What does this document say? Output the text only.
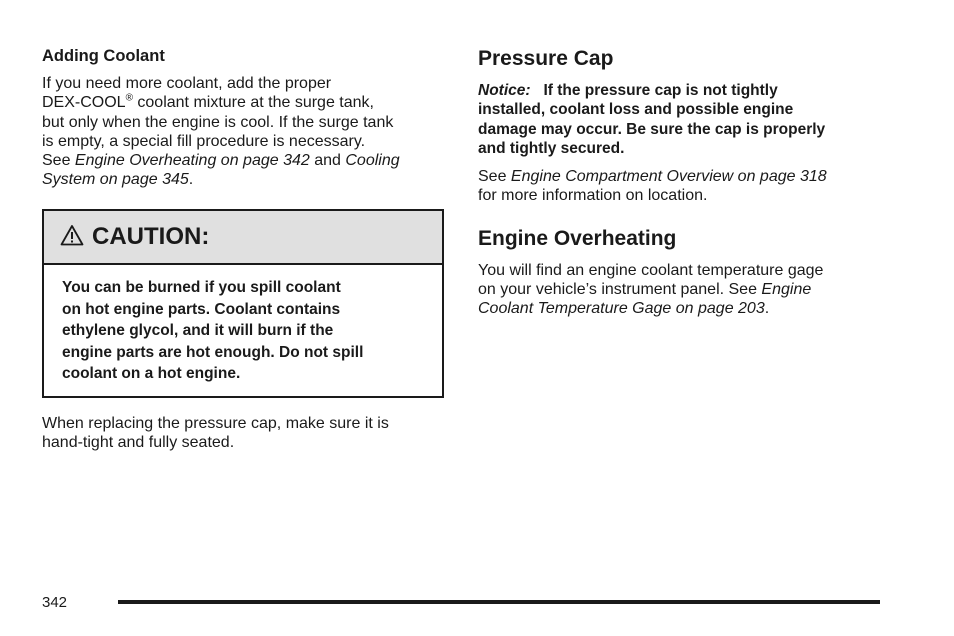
Adding Coolant

If you need more coolant, add the proper
DEX-COOL® coolant mixture at the surge tank,
but only when the engine is cool. If the surge tank
is empty, a special fill procedure is necessary.
See Engine Overheating on page 342 and Cooling
System on page 345.

CAUTION:

You can be burned if you spill coolant
on hot engine parts. Coolant contains
ethylene glycol, and it will burn if the
engine parts are hot enough. Do not spill
coolant on a hot engine.

When replacing the pressure cap, make sure it is
hand-tight and fully seated.

Pressure Cap

Notice: If the pressure cap is not tightly
installed, coolant loss and possible engine
damage may occur. Be sure the cap is properly
and tightly secured.

See Engine Compartment Overview on page 318
for more information on location.

Engine Overheating

You will find an engine coolant temperature gage
on your vehicle’s instrument panel. See Engine
Coolant Temperature Gage on page 203.

342
